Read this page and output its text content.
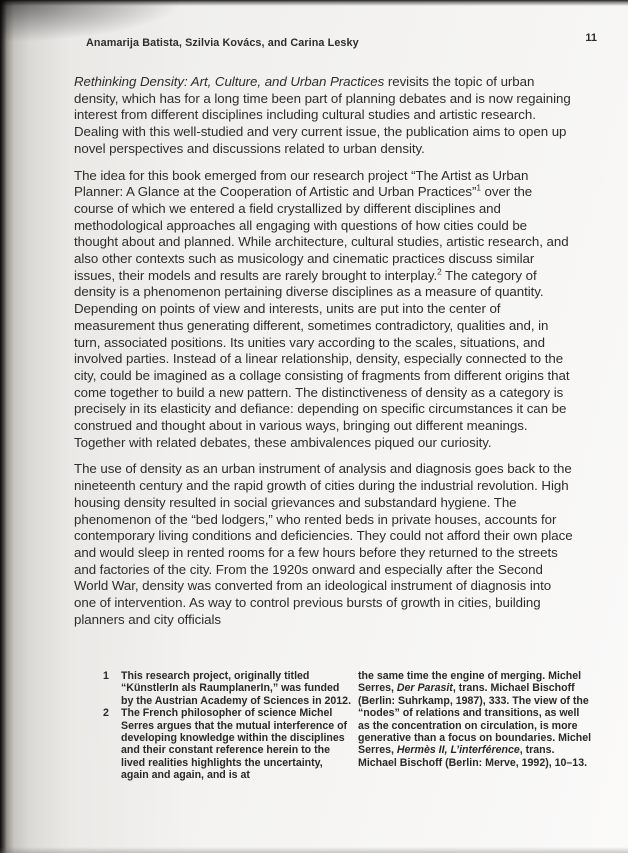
Anamarija Batista, Szilvia Kovács, and Carina Lesky	11

Rethinking Density: Art, Culture, and Urban Practices revisits the topic of urban density, which has for a long time been part of planning debates and is now regaining interest from different disciplines including cultural studies and artistic research. Dealing with this well-studied and very current issue, the publication aims to open up novel perspectives and discussions related to urban density.

The idea for this book emerged from our research project “The Artist as Urban Planner: A Glance at the Cooperation of Artistic and Urban Practices”$^1$ over the course of which we entered a field crystallized by different disciplines and methodological approaches all engaging with questions of how cities could be thought about and planned. While architecture, cultural studies, artistic research, and also other contexts such as musicology and cinematic practices discuss similar issues, their models and results are rarely brought to interplay.$^2$ The category of density is a phenomenon pertaining diverse disciplines as a measure of quantity. Depending on points of view and interests, units are put into the center of measurement thus generating different, sometimes contradictory, qualities and, in turn, associated positions. Its unities vary according to the scales, situations, and involved parties. Instead of a linear relationship, density, especially connected to the city, could be imagined as a collage consisting of fragments from different origins that come together to build a new pattern. The distinctiveness of density as a category is precisely in its elasticity and defiance: depending on specific circumstances it can be construed and thought about in various ways, bringing out different meanings. Together with related debates, these ambivalences piqued our curiosity.

The use of density as an urban instrument of analysis and diagnosis goes back to the nineteenth century and the rapid growth of cities during the industrial revolution. High housing density resulted in social grievances and substandard hygiene. The phenomenon of the “bed lodgers,” who rented beds in private houses, accounts for contemporary living conditions and deficiencies. They could not afford their own place and would sleep in rented rooms for a few hours before they returned to the streets and factories of the city. From the 1920s onward and especially after the Second World War, density was converted from an ideological instrument of diagnosis into one of intervention. As way to control previous bursts of growth in cities, building planners and city officials

1	This research project, originally titled “KünstlerIn als RaumplanerIn,” was funded by the Austrian Academy of Sciences in 2012.
2	The French philosopher of science Michel Serres argues that the mutual interference of developing knowledge within the disciplines and their constant reference herein to the lived realities highlights the uncertainty, again and again, and is at
the same time the engine of merging. Michel Serres, Der Parasit, trans. Michael Bischoff (Berlin: Suhrkamp, 1987), 333. The view of the “nodes” of relations and transitions, as well as the concentration on circulation, is more generative than a focus on boundaries. Michel Serres, Hermès II, L’interférence, trans. Michael Bischoff (Berlin: Merve, 1992), 10–13.
